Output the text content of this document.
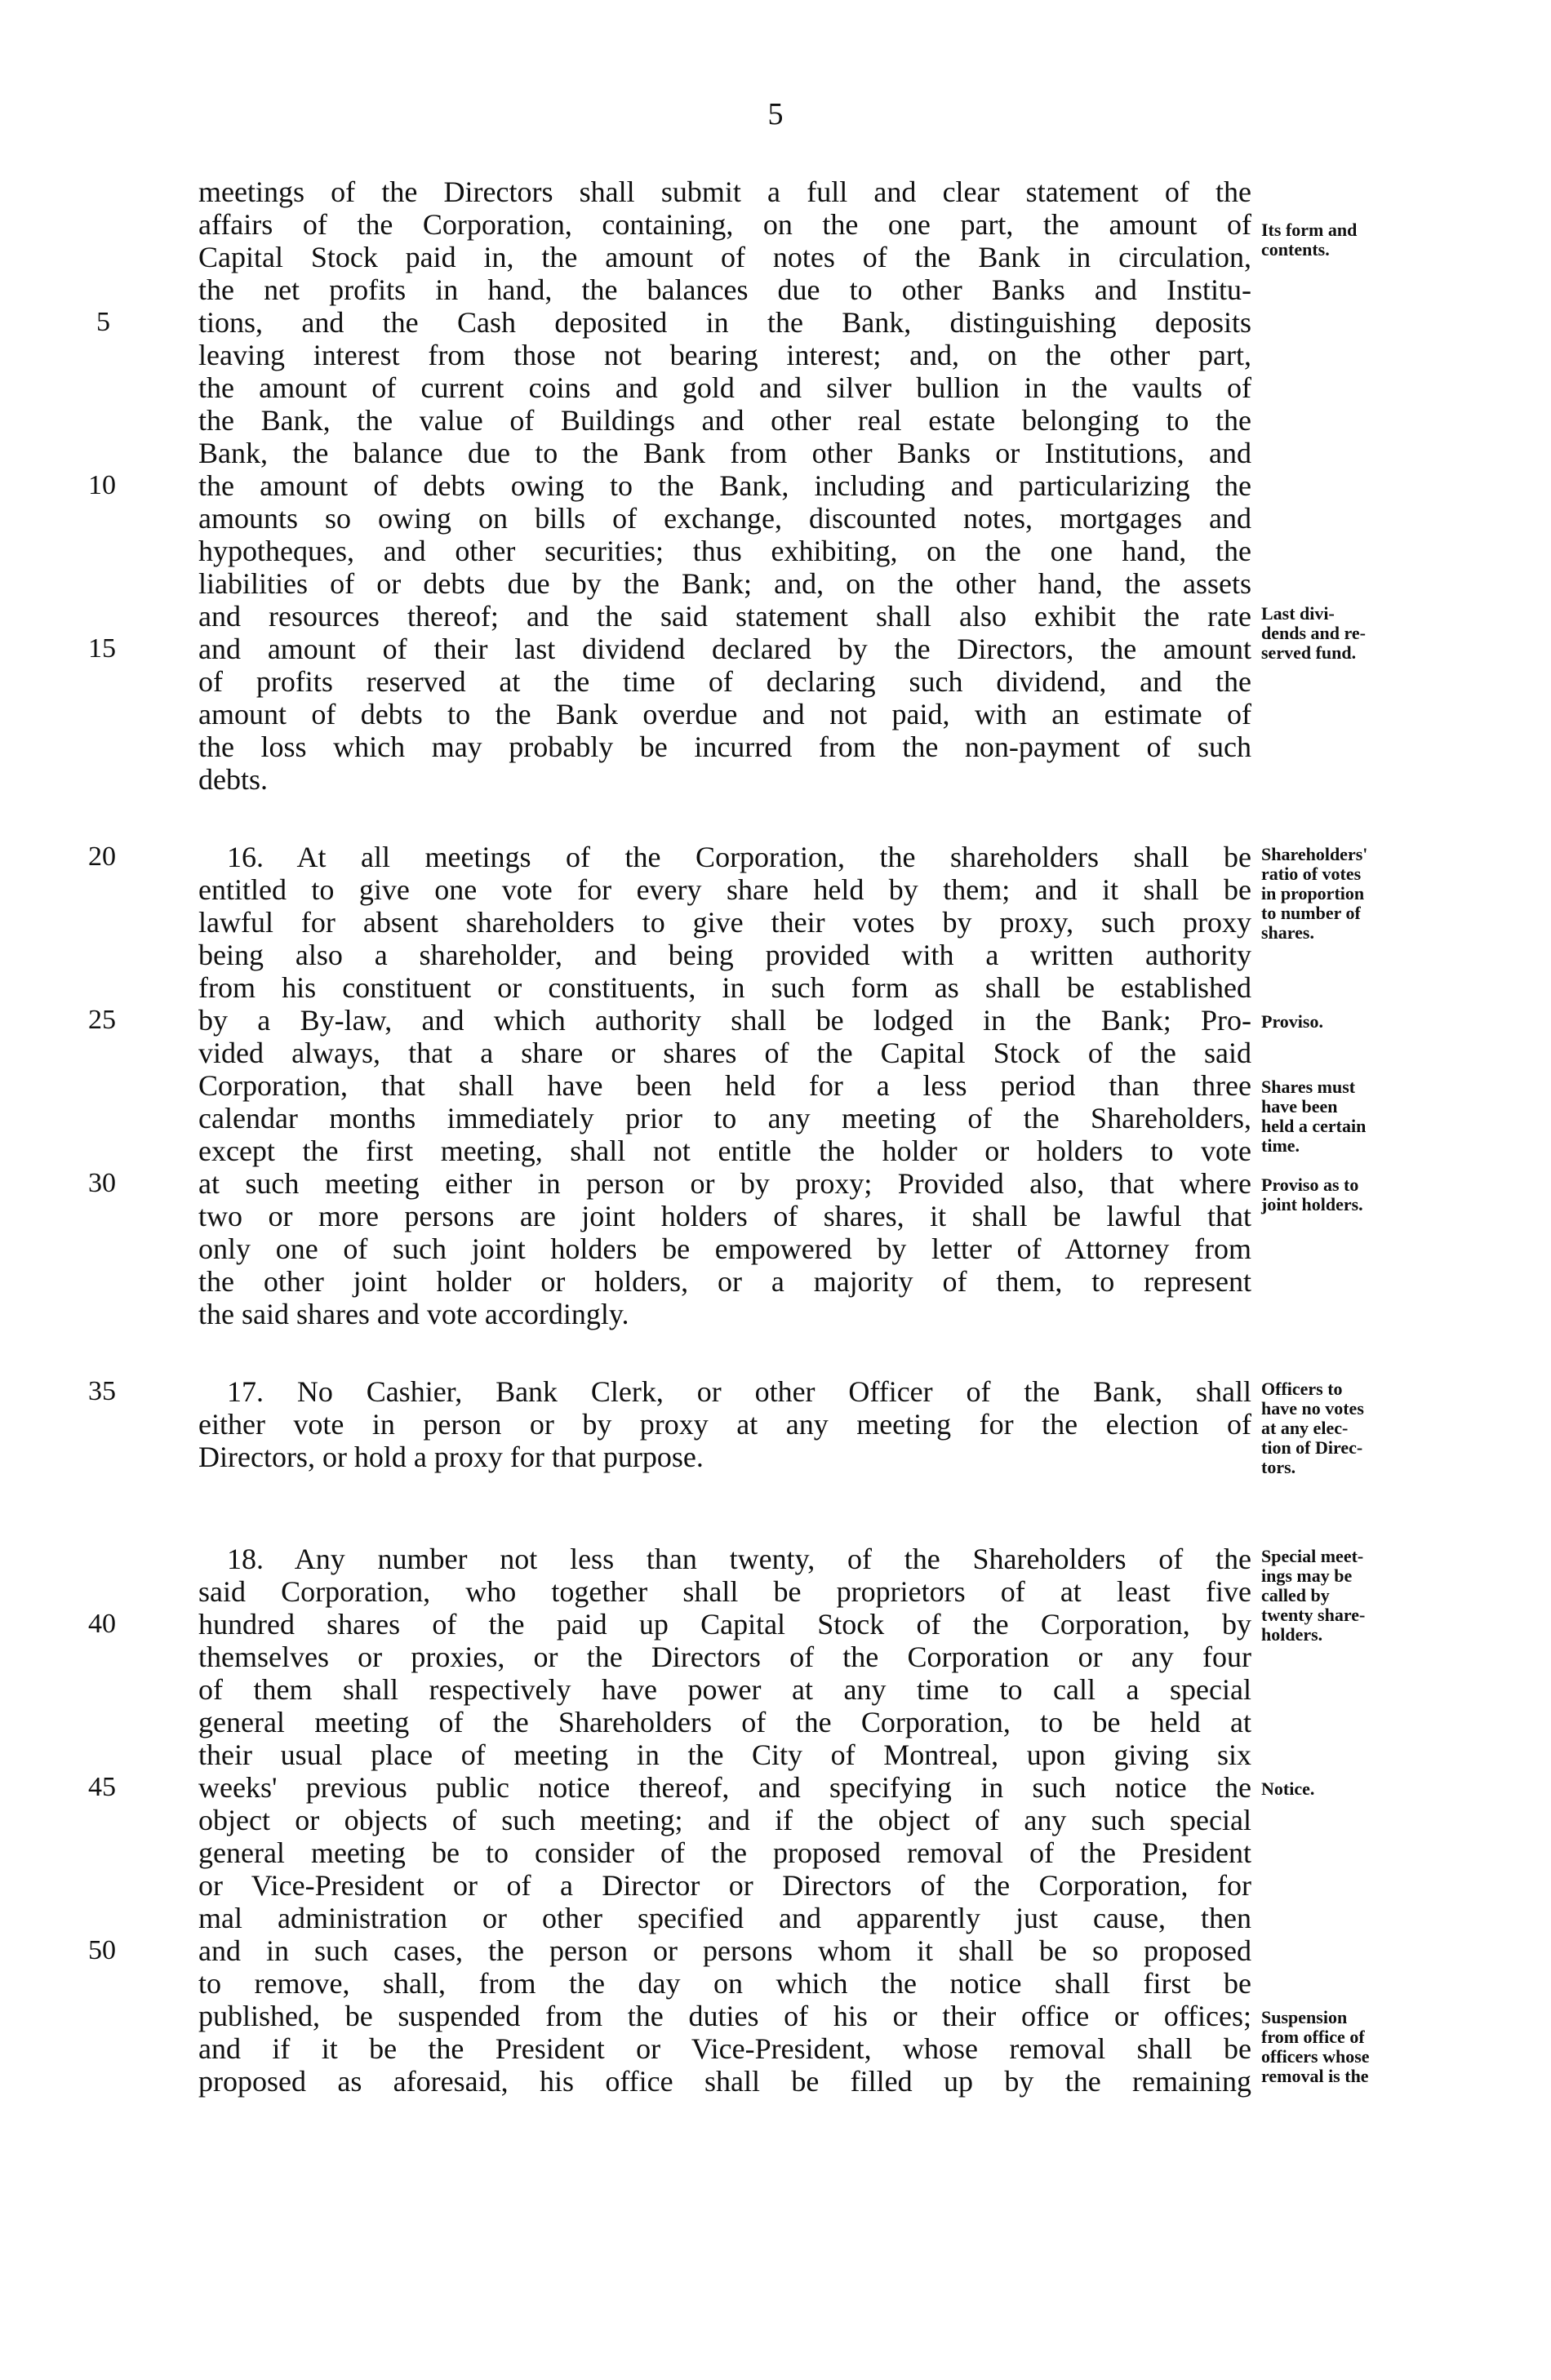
5
meetings of the Directors shall submit a full and clear statement of the
affairs of the Corporation, containing, on the one part, the amount of
Capital Stock paid in, the amount of notes of the Bank in circulation,
the net profits in hand, the balances due to other Banks and Institu-
tions, and the Cash deposited in the Bank, distinguishing deposits
leaving interest from those not bearing interest; and, on the other part,
the amount of current coins and gold and silver bullion in the vaults of
the Bank, the value of Buildings and other real estate belonging to the
Bank, the balance due to the Bank from other Banks or Institutions, and
the amount of debts owing to the Bank, including and particularizing the
amounts so owing on bills of exchange, discounted notes, mortgages and
hypotheques, and other securities; thus exhibiting, on the one hand, the
liabilities of or debts due by the Bank; and, on the other hand, the assets
and resources thereof; and the said statement shall also exhibit the rate
and amount of their last dividend declared by the Directors, the amount
of profits reserved at the time of declaring such dividend, and the
amount of debts to the Bank overdue and not paid, with an estimate of
the loss which may probably be incurred from the non-payment of such
debts.
16. At all meetings of the Corporation, the shareholders shall be
entitled to give one vote for every share held by them; and it shall be
lawful for absent shareholders to give their votes by proxy, such proxy
being also a shareholder, and being provided with a written authority
from his constituent or constituents, in such form as shall be established
by a By-law, and which authority shall be lodged in the Bank; Pro-
vided always, that a share or shares of the Capital Stock of the said
Corporation, that shall have been held for a less period than three
calendar months immediately prior to any meeting of the Shareholders,
except the first meeting, shall not entitle the holder or holders to vote
at such meeting either in person or by proxy; Provided also, that where
two or more persons are joint holders of shares, it shall be lawful that
only one of such joint holders be empowered by letter of Attorney from
the other joint holder or holders, or a majority of them, to represent
the said shares and vote accordingly.
17. No Cashier, Bank Clerk, or other Officer of the Bank, shall
either vote in person or by proxy at any meeting for the election of
Directors, or hold a proxy for that purpose.
18. Any number not less than twenty, of the Shareholders of the
said Corporation, who together shall be proprietors of at least five
hundred shares of the paid up Capital Stock of the Corporation, by
themselves or proxies, or the Directors of the Corporation or any four
of them shall respectively have power at any time to call a special
general meeting of the Shareholders of the Corporation, to be held at
their usual place of meeting in the City of Montreal, upon giving six
weeks' previous public notice thereof, and specifying in such notice the
object or objects of such meeting; and if the object of any such special
general meeting be to consider of the proposed removal of the President
or Vice-President or of a Director or Directors of the Corporation, for
mal administration or other specified and apparently just cause, then
and in such cases, the person or persons whom it shall be so proposed
to remove, shall, from the day on which the notice shall first be
published, be suspended from the duties of his or their office or offices;
and if it be the President or Vice-President, whose removal shall be
proposed as aforesaid, his office shall be filled up by the remaining
5
10
15
20
25
30
35
40
45
50
Its form and
contents.
Last divi-
dends and re-
served fund.
Shareholders'
ratio of votes
in proportion
to number of
shares.
Proviso.
Shares must
have been
held a certain
time.
Proviso as to
joint holders.
Officers to
have no votes
at any elec-
tion of Direc-
tors.
Special meet-
ings may be
called by
twenty share-
holders.
Notice.
Suspension
from office of
officers whose
removal is the
